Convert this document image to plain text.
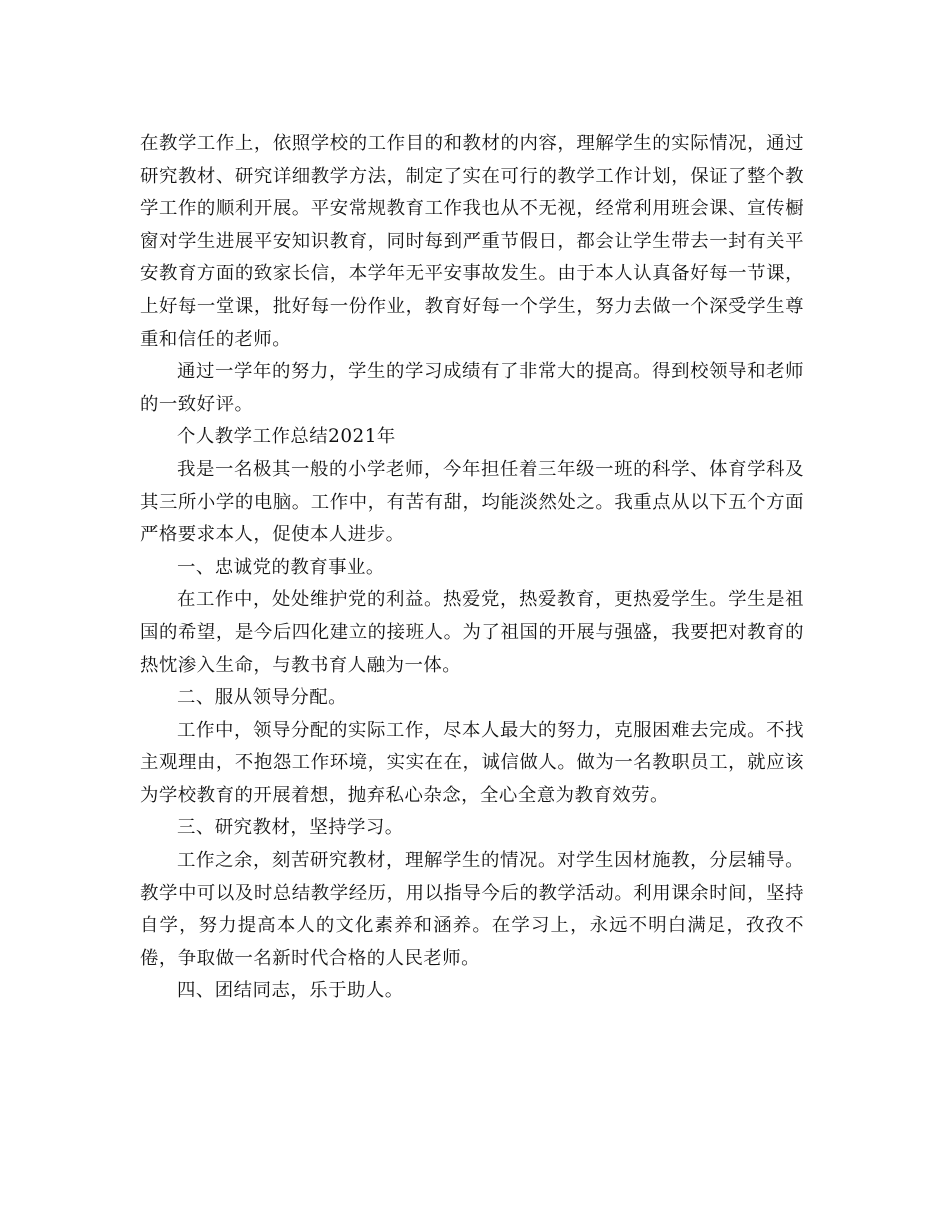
在教学工作上，依照学校的工作目的和教材的内容，理解学生的实际情况，通过研究教材、研究详细教学方法，制定了实在可行的教学工作计划，保证了整个教学工作的顺利开展。平安常规教育工作我也从不无视，经常利用班会课、宣传橱窗对学生进展平安知识教育，同时每到严重节假日，都会让学生带去一封有关平安教育方面的致家长信，本学年无平安事故发生。由于本人认真备好每一节课，上好每一堂课，批好每一份作业，教育好每一个学生，努力去做一个深受学生尊重和信任的老师。

通过一学年的努力，学生的学习成绩有了非常大的提高。得到校领导和老师的一致好评。

个人教学工作总结2021年

我是一名极其一般的小学老师，今年担任着三年级一班的科学、体育学科及其三所小学的电脑。工作中，有苦有甜，均能淡然处之。我重点从以下五个方面严格要求本人，促使本人进步。

一、忠诚党的教育事业。

在工作中，处处维护党的利益。热爱党，热爱教育，更热爱学生。学生是祖国的希望，是今后四化建立的接班人。为了祖国的开展与强盛，我要把对教育的热忱渗入生命，与教书育人融为一体。

二、服从领导分配。

工作中，领导分配的实际工作，尽本人最大的努力，克服困难去完成。不找主观理由，不抱怨工作环境，实实在在，诚信做人。做为一名教职员工，就应该为学校教育的开展着想，抛弃私心杂念，全心全意为教育效劳。

三、研究教材，坚持学习。

工作之余，刻苦研究教材，理解学生的情况。对学生因材施教，分层辅导。教学中可以及时总结教学经历，用以指导今后的教学活动。利用课余时间，坚持自学，努力提高本人的文化素养和涵养。在学习上，永远不明白满足，孜孜不倦，争取做一名新时代合格的人民老师。

四、团结同志，乐于助人。
